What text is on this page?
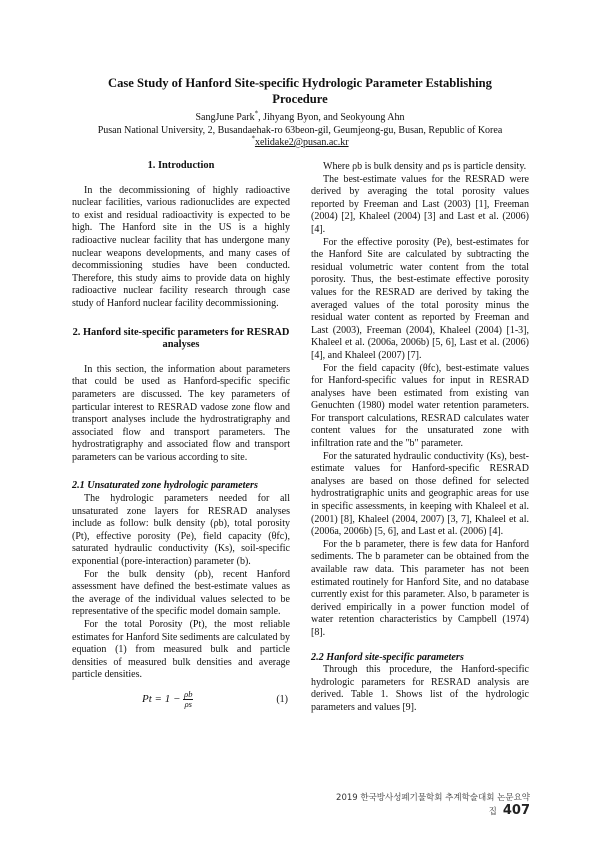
Case Study of Hanford Site-specific Hydrologic Parameter Establishing
Procedure
SangJune Park*, Jihyang Byon, and Seokyoung Ahn
Pusan National University, 2, Busandaehak-ro 63beon-gil, Geumjeong-gu, Busan, Republic of Korea
*xelidake2@pusan.ac.kr
1. Introduction

In the decommissioning of highly radioactive nuclear facilities, various radionuclides are expected to exist and residual radioactivity is expected to be high. The Hanford site in the US is a highly radioactive nuclear facility that has undergone many nuclear weapons developments, and many cases of decommissioning studies have been conducted. Therefore, this study aims to provide data on highly radioactive nuclear facility research through case study of Hanford nuclear facility decommissioning.

2. Hanford site-specific parameters for RESRAD analyses

In this section, the information about parameters that could be used as Hanford-specific specific parameters are discussed. The key parameters of particular interest to RESRAD vadose zone flow and transport analyses include the hydrostratigraphy and associated flow and transport parameters. The hydrostratigraphy and associated flow and transport parameters can be various according to site.

2.1 Unsaturated zone hydrologic parameters

The hydrologic parameters needed for all unsaturated zone layers for RESRAD analyses include as follow: bulk density (ρb), total porosity (Pt), effective porosity (Pe), field capacity (θfc), saturated hydraulic conductivity (Ks), soil-specific exponential (pore-interaction) parameter (b).

For the bulk density (ρb), recent Hanford assessment have defined the best-estimate values as the average of the individual values selected to be representative of the specific model domain sample.

For the total Porosity (Pt), the most reliable estimates for Hanford Site sediments are calculated by equation (1) from measured bulk and particle densities of measured bulk densities and average particle densities.

$Pt = 1 - \frac{\rho b}{\rho s}$	(1)

Where ρb is bulk density and ρs is particle density.

The best-estimate values for the RESRAD were derived by averaging the total porosity values reported by Freeman and Last (2003) [1], Freeman (2004) [2], Khaleel (2004) [3] and Last et al. (2006) [4].

For the effective porosity (Pe), best-estimates for the Hanford Site are calculated by subtracting the residual volumetric water content from the total porosity. Thus, the best-estimate effective porosity values for the RESRAD are derived by taking the averaged values of the total porosity minus the residual water content as reported by Freeman and Last (2003), Freeman (2004), Khaleel (2004) [1-3], Khaleel et al. (2006a, 2006b) [5, 6], Last et al. (2006) [4], and Khaleel (2007) [7].

For the field capacity (θfc), best-estimate values for Hanford-specific values for input in RESRAD analyses have been estimated from existing van Genuchten (1980) model water retention parameters. For transport calculations, RESRAD calculates water content values for the unsaturated zone with infiltration rate and the "b" parameter.

For the saturated hydraulic conductivity (Ks), best-estimate values for Hanford-specific RESRAD analyses are based on those defined for selected hydrostratigraphic units and geographic areas for use in specific assessments, in keeping with Khaleel et al. (2001) [8], Khaleel (2004, 2007) [3, 7], Khaleel et al. (2006a, 2006b) [5, 6], and Last et al. (2006) [4].

For the b parameter, there is few data for Hanford sediments. The b parameter can be obtained from the available raw data. This parameter has not been estimated routinely for Hanford Site, and no database currently exist for this parameter. Also, b parameter is derived empirically in a power function model of water retention characteristics by Campbell (1974) [8].

2.2 Hanford site-specific parameters

Through this procedure, the Hanford-specific hydrologic parameters for RESRAD analysis are derived. Table 1. Shows list of the hydrologic parameters and values [9].

2019 한국방사성폐기물학회 추계학술대회 논문요약집 407
